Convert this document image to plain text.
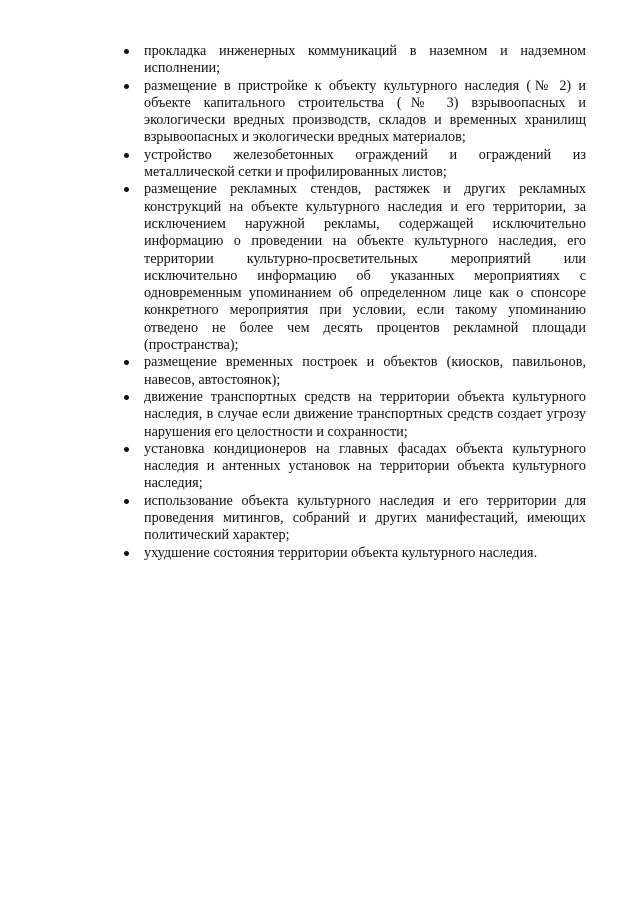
прокладка инженерных коммуникаций в наземном и надземном исполнении;
размещение в пристройке к объекту культурного наследия (№ 2) и объекте капитального строительства (№ 3) взрывоопасных и экологически вредных производств, складов и временных хранилищ взрывоопасных и экологически вредных материалов;
устройство железобетонных ограждений и ограждений из металлической сетки и профилированных листов;
размещение рекламных стендов, растяжек и других рекламных конструкций на объекте культурного наследия и его территории, за исключением наружной рекламы, содержащей исключительно информацию о проведении на объекте культурного наследия, его территории культурно-просветительных мероприятий или исключительно информацию об указанных мероприятиях с одновременным упоминанием об определенном лице как о спонсоре конкретного мероприятия при условии, если такому упоминанию отведено не более чем десять процентов рекламной площади (пространства);
размещение временных построек и объектов (киосков, павильонов, навесов, автостоянок);
движение транспортных средств на территории объекта культурного наследия, в случае если движение транспортных средств создает угрозу нарушения его целостности и сохранности;
установка кондиционеров на главных фасадах объекта культурного наследия и антенных установок на территории объекта культурного наследия;
использование объекта культурного наследия и его территории для проведения митингов, собраний и других манифестаций, имеющих политический характер;
ухудшение состояния территории объекта культурного наследия.
